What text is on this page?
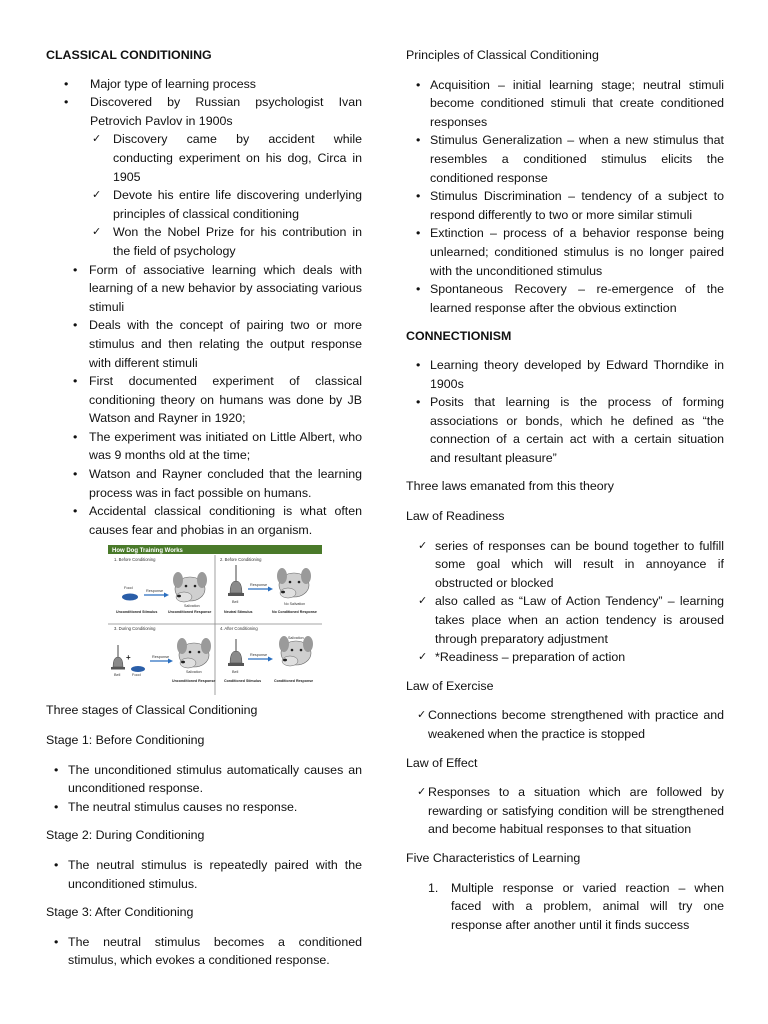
CLASSICAL CONDITIONING
• Major type of learning process
• Discovered by Russian psychologist Ivan Petrovich Pavlov in 1900s
✓ Discovery came by accident while conducting experiment on his dog, Circa in 1905
✓ Devote his entire life discovering underlying principles of classical conditioning
✓ Won the Nobel Prize for his contribution in the field of psychology
• Form of associative learning which deals with learning of a new behavior by associating various stimuli
• Deals with the concept of pairing two or more stimulus and then relating the output response with different stimuli
• First documented experiment of classical conditioning theory on humans was done by JB Watson and Rayner in 1920;
• The experiment was initiated on Little Albert, who was 9 months old at the time;
• Watson and Rayner concluded that the learning process was in fact possible on humans.
• Accidental classical conditioning is what often causes fear and phobias in an organism.
How Dog Training Works
1. Before Conditioning	2. Before Conditioning
3. During Conditioning	4. After Conditioning
Food
Response
Salivation
Unconditioned Stimulus	Unconditioned Response
Bell
Response
No Salivation
Neutral Stimulus	No Conditioned Response
Bell
+
Food
Response
Salivation
Unconditioned Response
Bell
Response
Salivation
Conditioned Stimulus	Conditioned Response
Three stages of Classical Conditioning
Stage 1: Before Conditioning
• The unconditioned stimulus automatically causes an unconditioned response.
• The neutral stimulus causes no response.
Stage 2: During Conditioning
• The neutral stimulus is repeatedly paired with the unconditioned stimulus.
Stage 3: After Conditioning
• The neutral stimulus becomes a conditioned stimulus, which evokes a conditioned response.
Principles of Classical Conditioning
• Acquisition – initial learning stage; neutral stimuli become conditioned stimuli that create conditioned responses
• Stimulus Generalization – when a new stimulus that resembles a conditioned stimulus elicits the conditioned response
• Stimulus Discrimination – tendency of a subject to respond differently to two or more similar stimuli
• Extinction – process of a behavior response being unlearned; conditioned stimulus is no longer paired with the unconditioned stimulus
• Spontaneous Recovery – re-emergence of the learned response after the obvious extinction
CONNECTIONISM
• Learning theory developed by Edward Thorndike in 1900s
• Posits that learning is the process of forming associations or bonds, which he defined as “the connection of a certain act with a certain situation and resultant pleasure”
Three laws emanated from this theory
Law of Readiness
✓ series of responses can be bound together to fulfill some goal which will result in annoyance if obstructed or blocked
✓ also called as “Law of Action Tendency” – learning takes place when an action tendency is aroused through preparatory adjustment
✓ *Readiness – preparation of action
Law of Exercise
✓ Connections become strengthened with practice and weakened when the practice is stopped
Law of Effect
✓ Responses to a situation which are followed by rewarding or satisfying condition will be strengthened and become habitual responses to that situation
Five Characteristics of Learning
1. Multiple response or varied reaction – when faced with a problem, animal will try one response after another until it finds success
